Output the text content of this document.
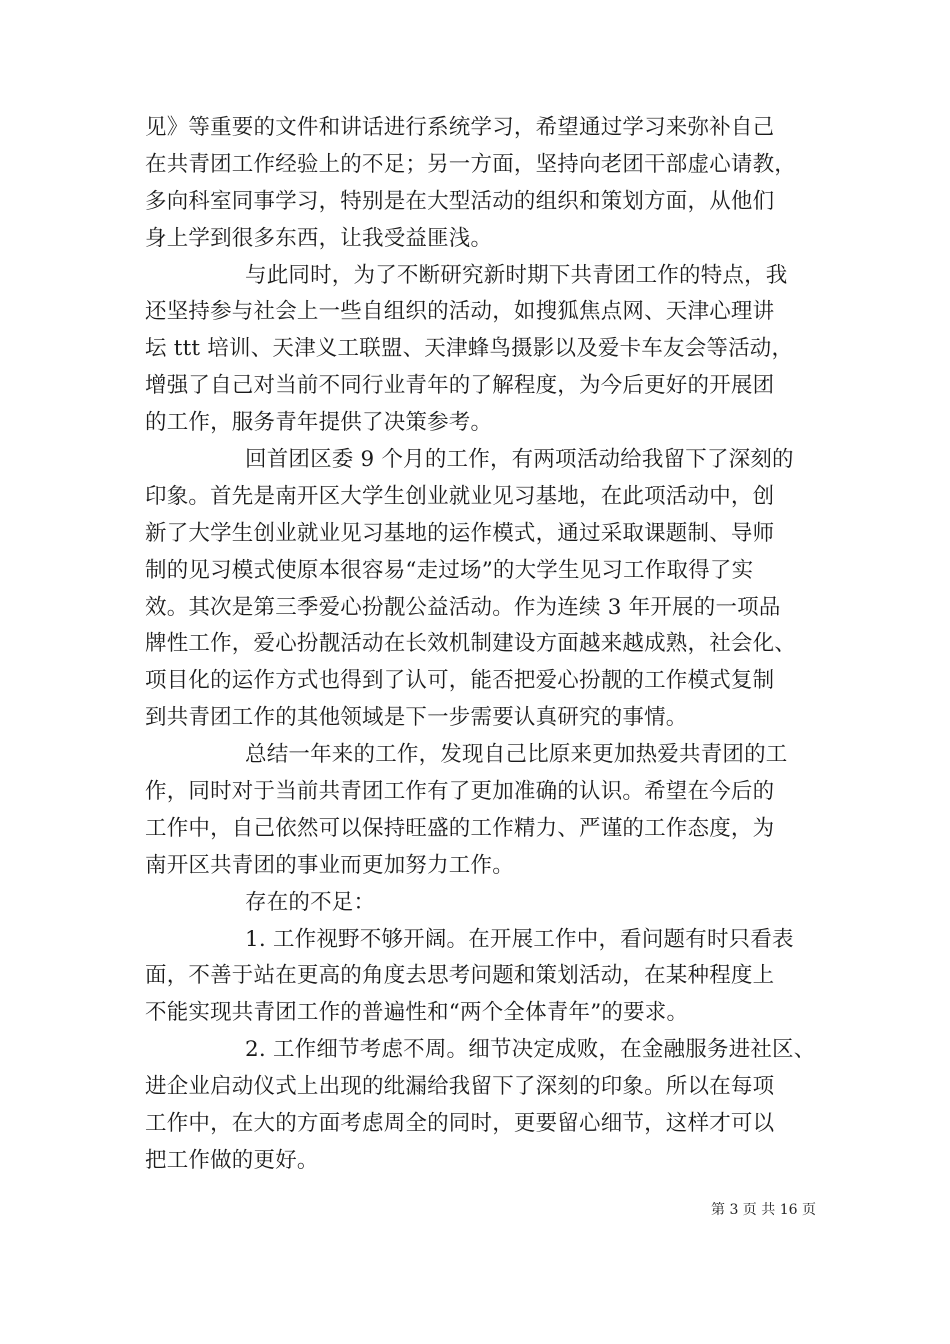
见》等重要的文件和讲话进行系统学习，希望通过学习来弥补自己
在共青团工作经验上的不足；另一方面，坚持向老团干部虚心请教，
多向科室同事学习，特别是在大型活动的组织和策划方面，从他们
身上学到很多东西，让我受益匪浅。
与此同时，为了不断研究新时期下共青团工作的特点，我
还坚持参与社会上一些自组织的活动，如搜狐焦点网、天津心理讲
坛 ttt 培训、天津义工联盟、天津蜂鸟摄影以及爱卡车友会等活动，
增强了自己对当前不同行业青年的了解程度，为今后更好的开展团
的工作，服务青年提供了决策参考。
回首团区委 9 个月的工作，有两项活动给我留下了深刻的
印象。首先是南开区大学生创业就业见习基地，在此项活动中，创
新了大学生创业就业见习基地的运作模式，通过采取课题制、导师
制的见习模式使原本很容易“走过场”的大学生见习工作取得了实
效。其次是第三季爱心扮靓公益活动。作为连续 3 年开展的一项品
牌性工作，爱心扮靓活动在长效机制建设方面越来越成熟，社会化、
项目化的运作方式也得到了认可，能否把爱心扮靓的工作模式复制
到共青团工作的其他领域是下一步需要认真研究的事情。
总结一年来的工作，发现自己比原来更加热爱共青团的工
作，同时对于当前共青团工作有了更加准确的认识。希望在今后的
工作中，自己依然可以保持旺盛的工作精力、严谨的工作态度，为
南开区共青团的事业而更加努力工作。
存在的不足：
1. 工作视野不够开阔。在开展工作中，看问题有时只看表
面，不善于站在更高的角度去思考问题和策划活动，在某种程度上
不能实现共青团工作的普遍性和“两个全体青年”的要求。
2. 工作细节考虑不周。细节决定成败，在金融服务进社区、
进企业启动仪式上出现的纰漏给我留下了深刻的印象。所以在每项
工作中，在大的方面考虑周全的同时，更要留心细节，这样才可以
把工作做的更好。
第 3 页 共 16 页
